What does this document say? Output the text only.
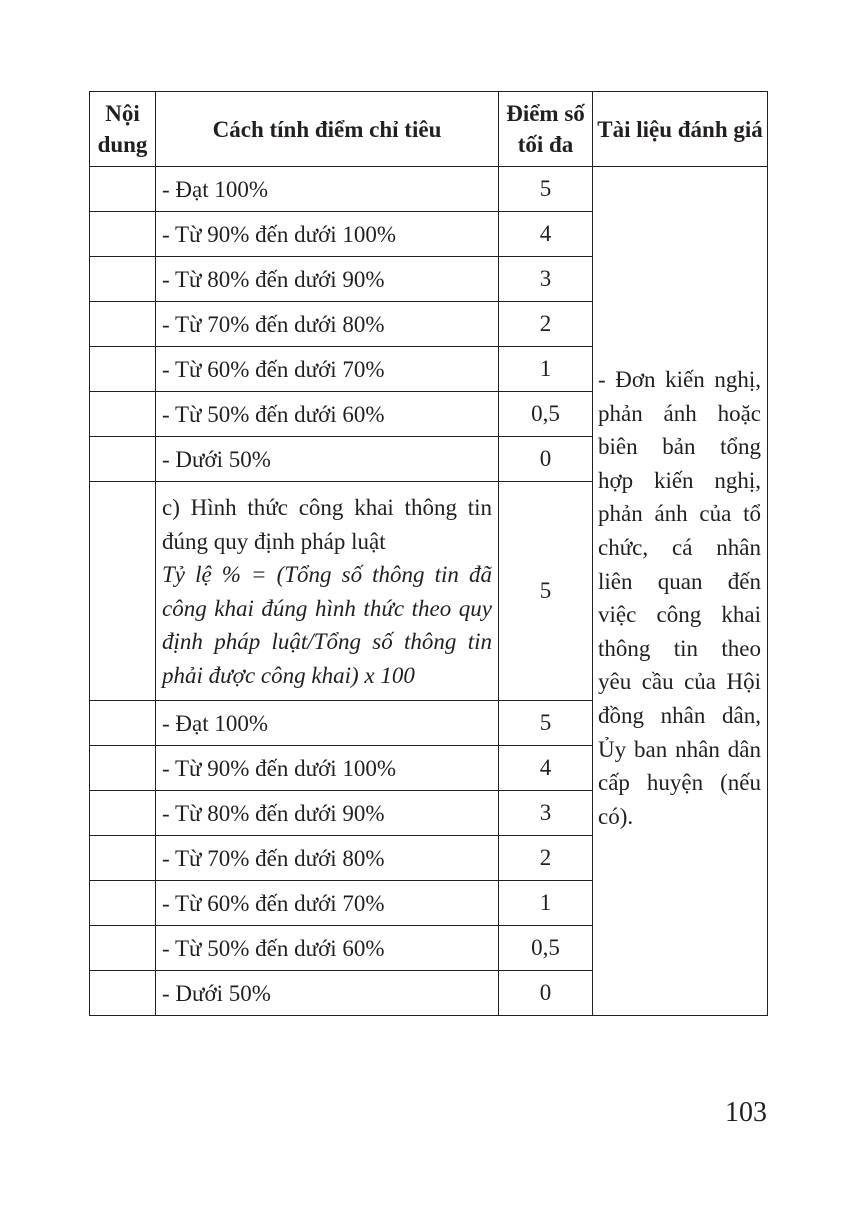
Nội dung	Cách tính điểm chỉ tiêu	Điểm số tối đa	Tài liệu đánh giá
	- Đạt 100%	5	- Đơn kiến nghị, phản ánh hoặc biên bản tổng hợp kiến nghị, phản ánh của tổ chức, cá nhân liên quan đến việc công khai thông tin theo yêu cầu của Hội đồng nhân dân, Ủy ban nhân dân cấp huyện (nếu có).

	- Từ 90% đến dưới 100%	4	
	- Từ 80% đến dưới 90%	3	
	- Từ 70% đến dưới 80%	2	
	- Từ 60% đến dưới 70%	1	
	- Từ 50% đến dưới 60%	0,5	
	- Dưới 50%	0	

	c) Hình thức công khai thông tin đúng quy định pháp luật
Tỷ lệ % = (Tổng số thông tin đã công khai đúng hình thức theo quy định pháp luật/Tổng số thông tin phải được công khai) x 100	5	
	- Đạt 100%	5	
	- Từ 90% đến dưới 100%	4	
	- Từ 80% đến dưới 90%	3	
	- Từ 70% đến dưới 80%	2	
	- Từ 60% đến dưới 70%	1	
	- Từ 50% đến dưới 60%	0,5	
	- Dưới 50%	0	
103
